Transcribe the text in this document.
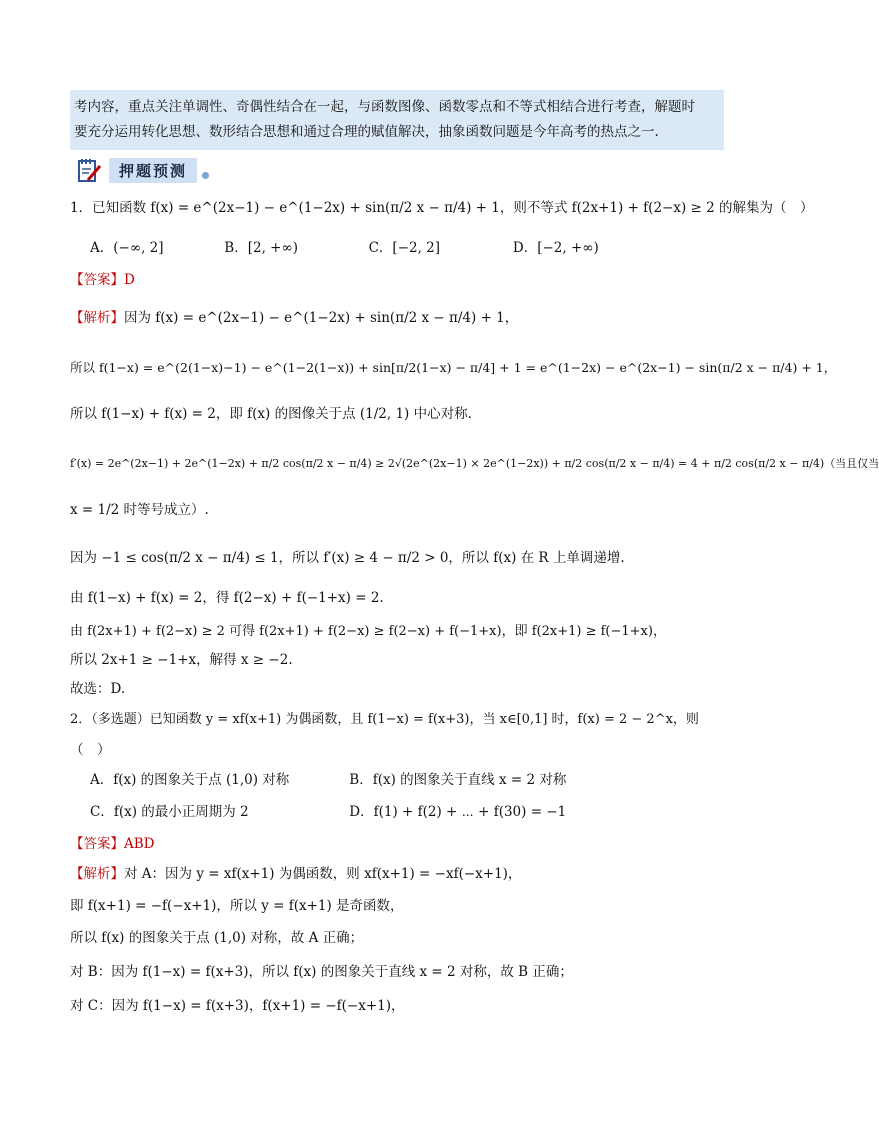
考内容，重点关注单调性、奇偶性结合在一起，与函数图像、函数零点和不等式相结合进行考查，解题时
要充分运用转化思想、数形结合思想和通过合理的赋值解决，抽象函数问题是今年高考的热点之一.
押题预测
1．已知函数 f(x) = e^(2x−1) − e^(1−2x) + sin(π/2 x − π/4) + 1，则不等式 f(2x+1) + f(2−x) ≥ 2 的解集为（　）
A．(−∞, 2]	B．[2, +∞)	C．[−2, 2]	D．[−2, +∞)
【答案】D
【解析】因为 f(x) = e^(2x−1) − e^(1−2x) + sin(π/2 x − π/4) + 1，
所以 f(1−x) = e^(2(1−x)−1) − e^(1−2(1−x)) + sin[π/2(1−x) − π/4] + 1 = e^(1−2x) − e^(2x−1) − sin(π/2 x − π/4) + 1，
所以 f(1−x) + f(x) = 2，即 f(x) 的图像关于点 (1/2, 1) 中心对称.
f′(x) = 2e^(2x−1) + 2e^(1−2x) + π/2 cos(π/2 x − π/4) ≥ 2√(2e^(2x−1) × 2e^(1−2x)) + π/2 cos(π/2 x − π/4) = 4 + π/2 cos(π/2 x − π/4)（当且仅当
x = 1/2 时等号成立）.
因为 −1 ≤ cos(π/2 x − π/4) ≤ 1，所以 f′(x) ≥ 4 − π/2 > 0，所以 f(x) 在 R 上单调递增.
由 f(1−x) + f(x) = 2，得 f(2−x) + f(−1+x) = 2.
由 f(2x+1) + f(2−x) ≥ 2 可得 f(2x+1) + f(2−x) ≥ f(2−x) + f(−1+x)，即 f(2x+1) ≥ f(−1+x)，
所以 2x+1 ≥ −1+x，解得 x ≥ −2.
故选：D.
2．（多选题）已知函数 y = xf(x+1) 为偶函数，且 f(1−x) = f(x+3)，当 x∈[0,1] 时，f(x) = 2 − 2^x，则
（　）
A．f(x) 的图象关于点 (1,0) 对称	B．f(x) 的图象关于直线 x = 2 对称
C．f(x) 的最小正周期为 2	D．f(1) + f(2) + ⋯ + f(30) = −1
【答案】ABD
【解析】对 A：因为 y = xf(x+1) 为偶函数，则 xf(x+1) = −xf(−x+1)，
即 f(x+1) = −f(−x+1)，所以 y = f(x+1) 是奇函数，
所以 f(x) 的图象关于点 (1,0) 对称，故 A 正确；
对 B：因为 f(1−x) = f(x+3)，所以 f(x) 的图象关于直线 x = 2 对称，故 B 正确；
对 C：因为 f(1−x) = f(x+3)，f(x+1) = −f(−x+1)，
